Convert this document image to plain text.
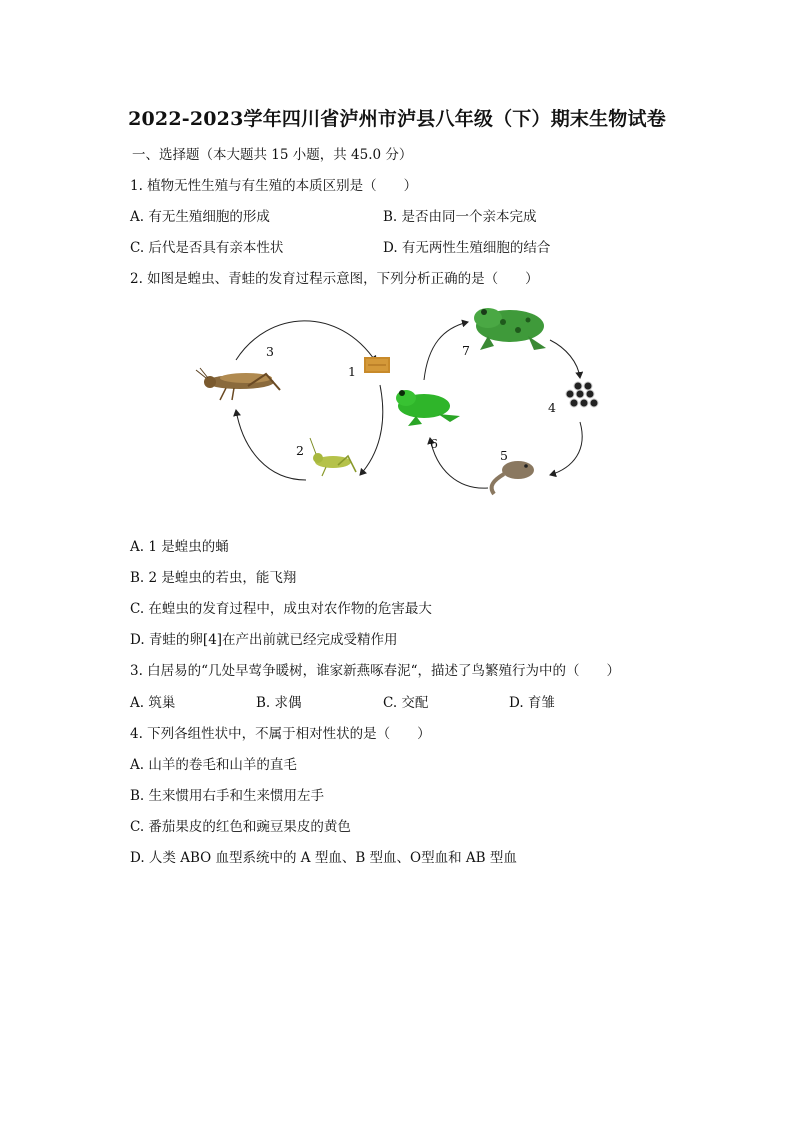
2022-2023学年四川省泸州市泸县八年级（下）期末生物试卷
一、选择题（本大题共 15 小题，共 45.0 分）
1. 植物无性生殖与有生殖的本质区别是（　　）
A. 有无生殖细胞的形成	B. 是否由同一个亲本完成
C. 后代是否具有亲本性状	D. 有无两性生殖细胞的结合
2. 如图是蝗虫、青蛙的发育过程示意图，下列分析正确的是（　　）
3
1
2
7
4
5
6
A. 1 是蝗虫的蛹
B. 2 是蝗虫的若虫，能飞翔
C. 在蝗虫的发育过程中，成虫对农作物的危害最大
D. 青蛙的卵[4]在产出前就已经完成受精作用
3. 白居易的“几处早莺争暖树，谁家新燕啄春泥“，描述了鸟繁殖行为中的（　　）
A. 筑巢	B. 求偶	C. 交配	D. 育雏
4. 下列各组性状中，不属于相对性状的是（　　）
A. 山羊的卷毛和山羊的直毛
B. 生来惯用右手和生来惯用左手
C. 番茄果皮的红色和豌豆果皮的黄色
D. 人类 ABO 血型系统中的 A 型血、B 型血、O型血和 AB 型血
